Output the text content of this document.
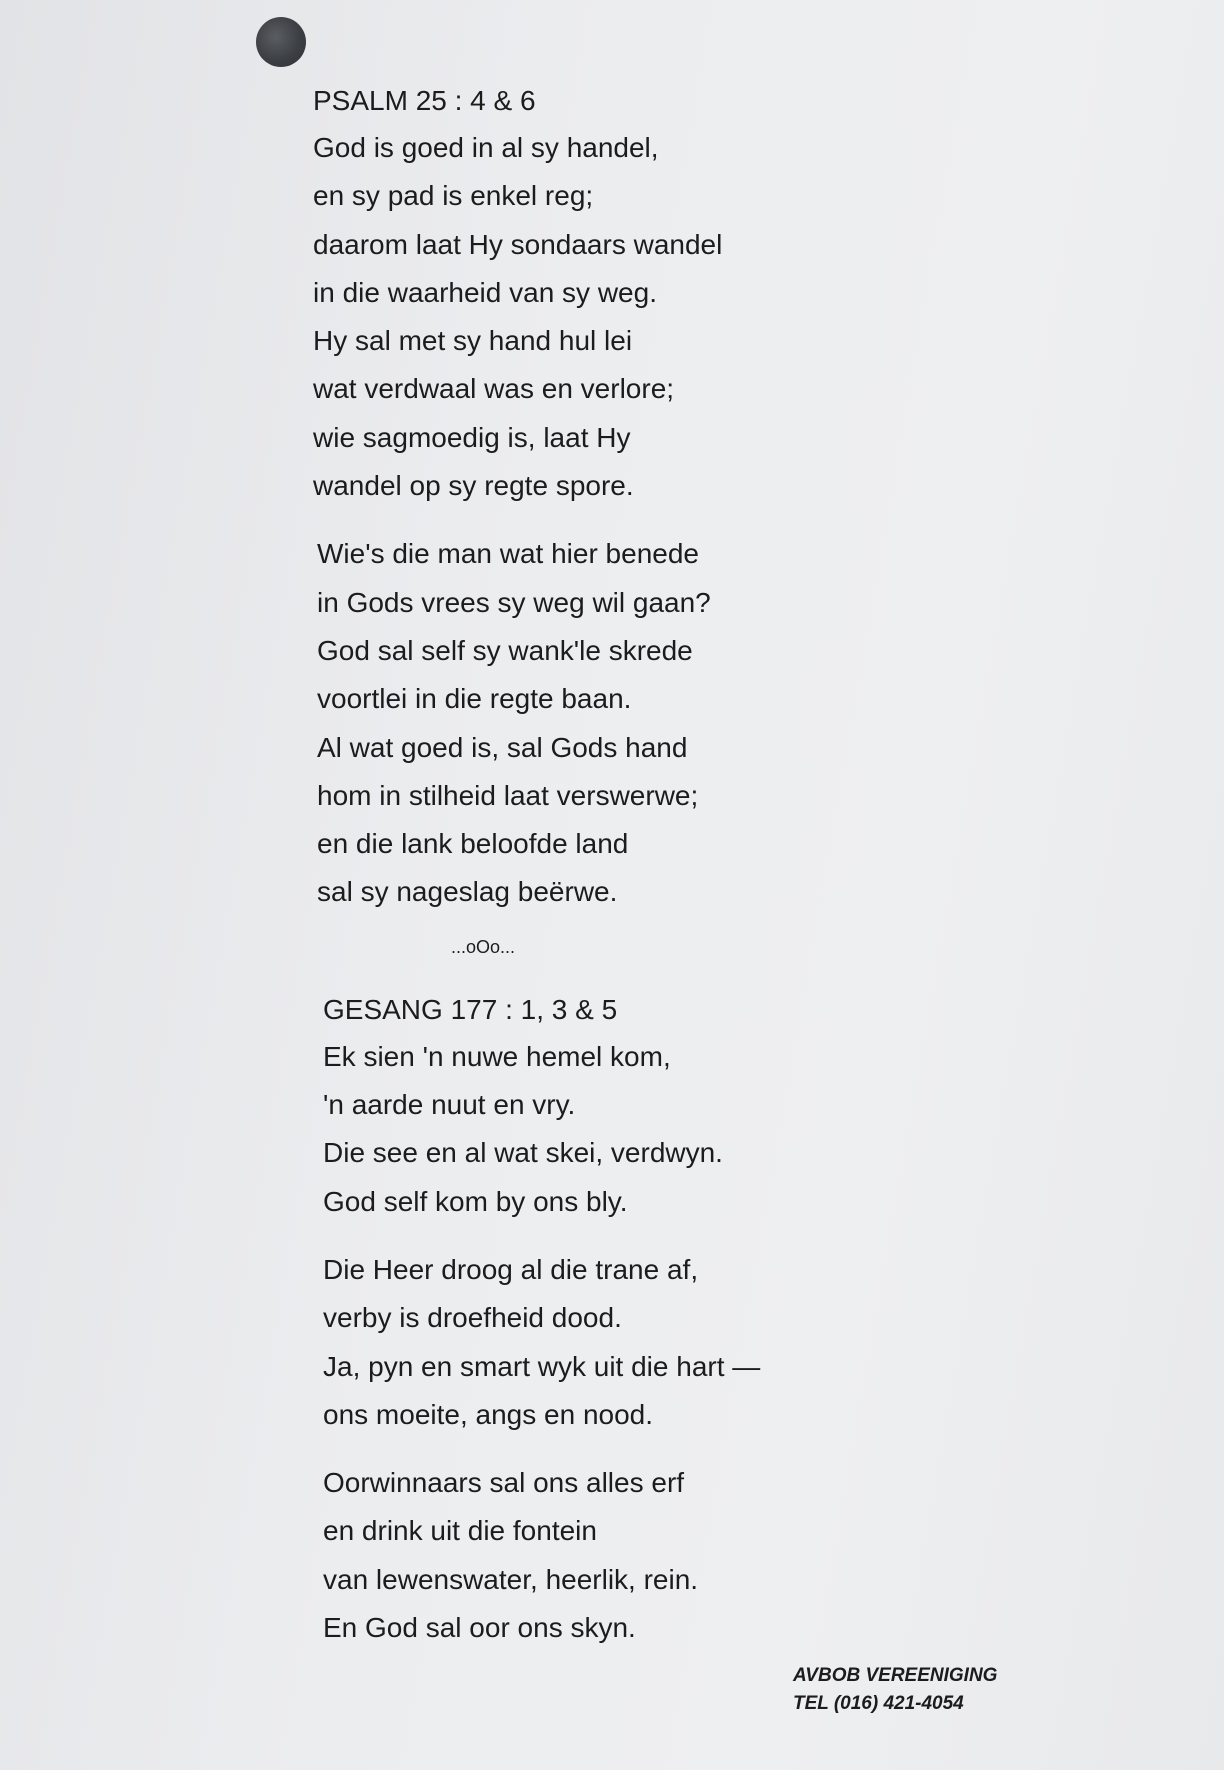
PSALM 25 : 4 & 6
God is goed in al sy handel,
en sy pad is enkel reg;
daarom laat Hy sondaars wandel
in die waarheid van sy weg.
Hy sal met sy hand hul lei
wat verdwaal was en verlore;
wie sagmoedig is, laat Hy
wandel op sy regte spore.
Wie's die man wat hier benede
in Gods vrees sy weg wil gaan?
God sal self sy wank'le skrede
voortlei in die regte baan.
Al wat goed is, sal Gods hand
hom in stilheid laat verswerwe;
en die lank beloofde land
sal sy nageslag beërwe.
...oOo...
GESANG 177 : 1, 3 & 5
Ek sien 'n nuwe hemel kom,
'n aarde nuut en vry.
Die see en al wat skei, verdwyn.
God self kom by ons bly.
Die Heer droog al die trane af,
verby is droefheid dood.
Ja, pyn en smart wyk uit die hart —
ons moeite, angs en nood.
Oorwinnaars sal ons alles erf
en drink uit die fontein
van lewenswater, heerlik, rein.
En God sal oor ons skyn.
AVBOB VEREENIGING
TEL (016) 421-4054
